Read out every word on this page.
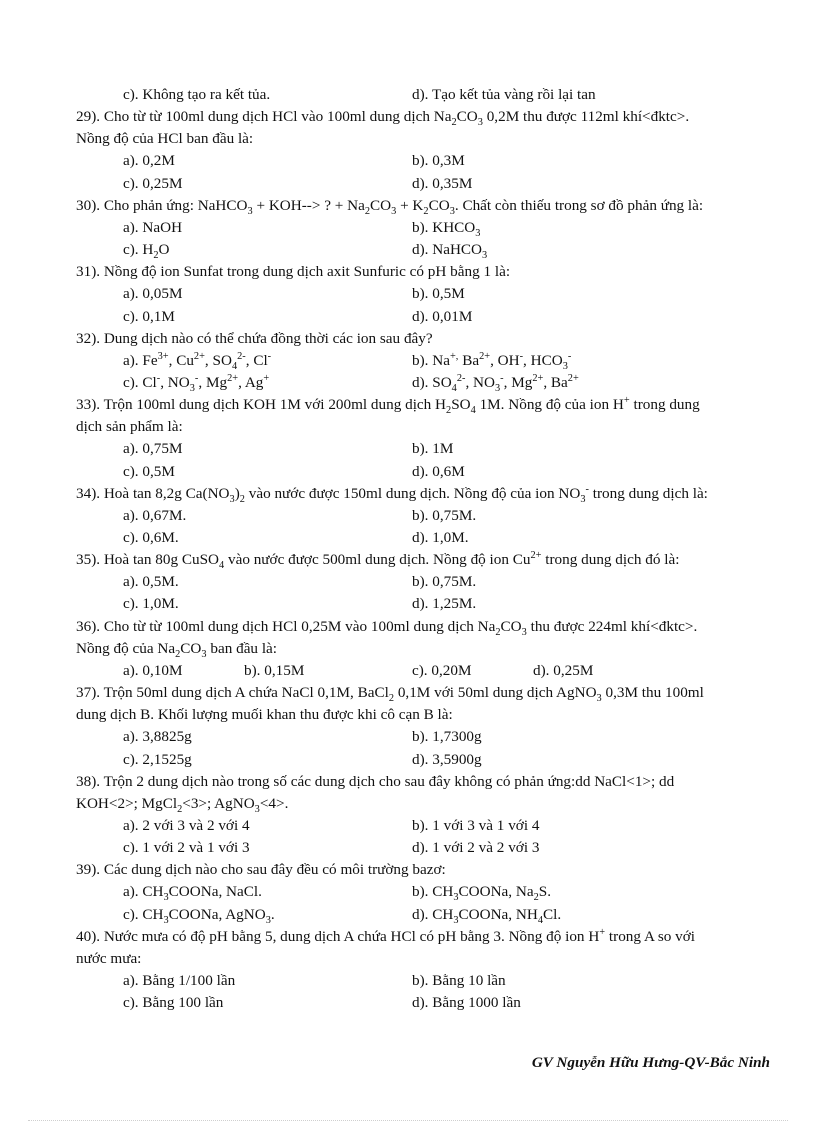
c). Không tạo ra kết tủa.	d). Tạo kết tủa vàng rồi lại tan
29). Cho từ từ 100ml dung dịch HCl vào 100ml dung dịch $Na_2CO_3$ 0,2M thu được 112ml khí<đktc>.
Nồng độ của HCl ban đầu là:
a). 0,2M	b). 0,3M
c). 0,25M	d). 0,35M
30). Cho phản ứng: NaHCO$_3$ + KOH--> ? + $Na_2CO_3 + K_2CO_3$. Chất còn thiếu trong sơ đồ phản ứng là:
a). NaOH	b). $KHCO_3$
c). $H_2O$	d). NaHCO$_3$
31). Nồng độ ion Sunfat trong dung dịch axit Sunfuric có pH bằng 1 là:
a). 0,05M	b). 0,5M
c). 0,1M	d). 0,01M
32). Dung dịch nào có thể chứa đồng thời các ion sau đây?
a). $Fe^{3+}$, $Cu^{2+}$, $SO_4^{2-}$, Cl-	b). Na+, $Ba^{2+}$, OH-, $HCO_3^-$
c). Cl-, $NO_3^-$, $Mg^{2+}$, Ag+	d). $SO_4^{2-}$, $NO_3^-$, $Mg^{2+}$, $Ba^{2+}$
33). Trộn 100ml dung dịch KOH 1M với 200ml dung dịch $H_2SO_4$ 1M. Nồng độ của ion H+ trong dung
dịch sản phẩm là:
a). 0,75M	b). 1M
c). 0,5M	d). 0,6M
34). Hoà tan 8,2g $Ca(NO_3)_2$ vào nước được 150ml dung dịch. Nồng độ của ion $NO_3^-$ trong dung dịch là:
a). 0,67M.	b). 0,75M.
c). 0,6M.	d). 1,0M.
35). Hoà tan 80g CuSO$_4$ vào nước được 500ml dung dịch. Nồng độ ion $Cu^{2+}$ trong dung dịch đó là:
a). 0,5M.	b). 0,75M.
c). 1,0M.	d). 1,25M.
36). Cho từ từ 100ml dung dịch HCl 0,25M vào 100ml dung dịch $Na_2CO_3$ thu được 224ml khí<đktc>.
Nồng độ của $Na_2CO_3$ ban đầu là:
a). 0,10M	b). 0,15M	c). 0,20M	d). 0,25M
37). Trộn 50ml dung dịch A chứa NaCl 0,1M, BaCl$_2$ 0,1M với 50ml dung dịch AgNO$_3$ 0,3M thu 100ml
dung dịch B. Khối lượng muối khan thu được khi cô cạn B là:
a). 3,8825g	b). 1,7300g
c). 2,1525g	d). 3,5900g
38). Trộn 2 dung dịch nào trong số các dung dịch cho sau đây không có phản ứng:dd NaCl<1>; dd
KOH<2>; MgCl$_2$<3>; AgNO$_3$<4>.
a). 2 với 3 và 2 với 4	b). 1 với 3 và 1 với 4
c). 1 với 2 và 1 với 3	d). 1 với 2 và 2 với 3
39). Các dung dịch nào cho sau đây đều có môi trường bazơ:
a). $CH_3COONa$, NaCl.	b). $CH_3COONa$, $Na_2S$.
c). $CH_3COONa$, AgNO$_3$.	d). $CH_3COONa$, $NH_4Cl$.
40). Nước mưa có độ pH bằng 5, dung dịch A chứa HCl có pH bằng 3. Nồng độ ion H+ trong A so với
nước mưa:
a). Bằng 1/100 lần	b). Bằng 10 lần
c). Bằng 100 lần	d). Bằng 1000 lần
GV Nguyễn Hữu Hưng-QV-Bắc Ninh
